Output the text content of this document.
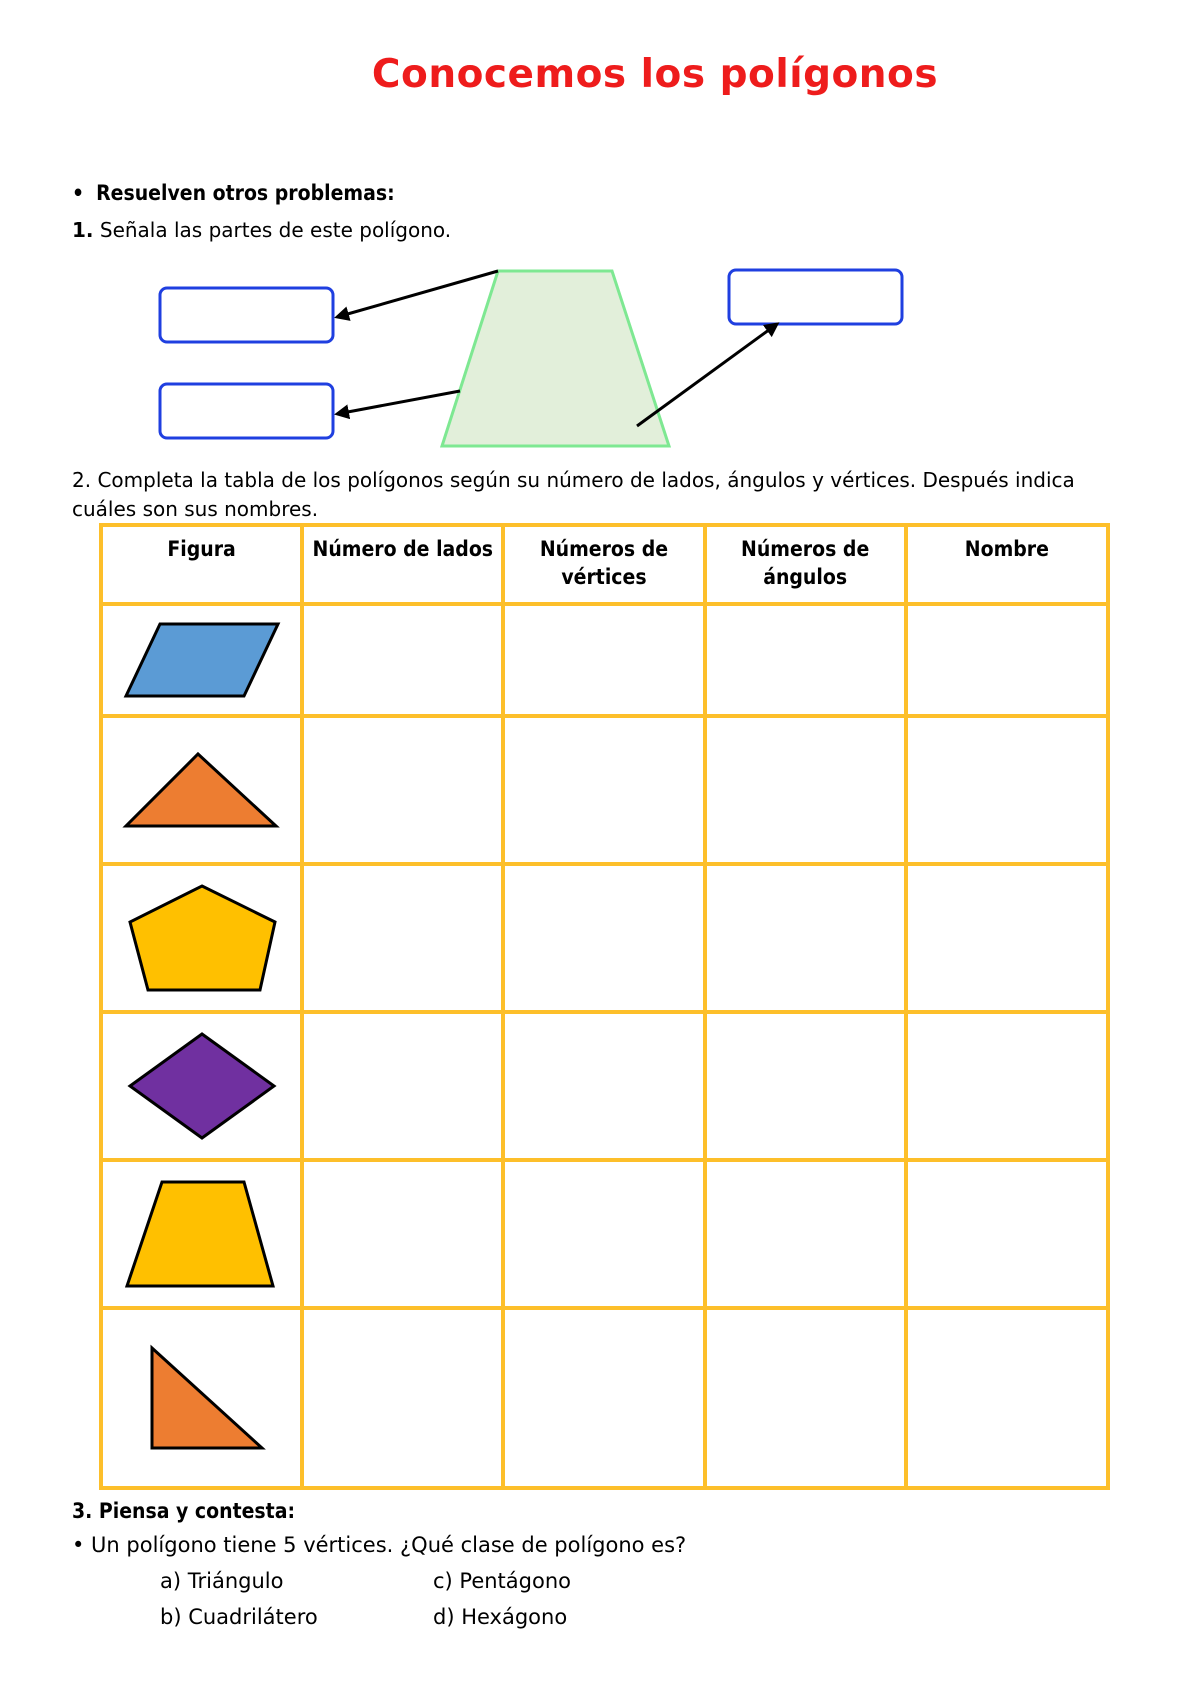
Conocemos los polígonos
• Resuelven otros problemas:
1. Señala las partes de este polígono.
2. Completa la tabla de los polígonos según su número de lados, ángulos y vértices. Después indica cuáles son sus nombres.
Figura	Número de lados	Números de vértices	Números de ángulos	Nombre

3. Piensa y contesta:
• Un polígono tiene 5 vértices. ¿Qué clase de polígono es?
a) Triángulo
b) Cuadrilátero
c) Pentágono
d) Hexágono
